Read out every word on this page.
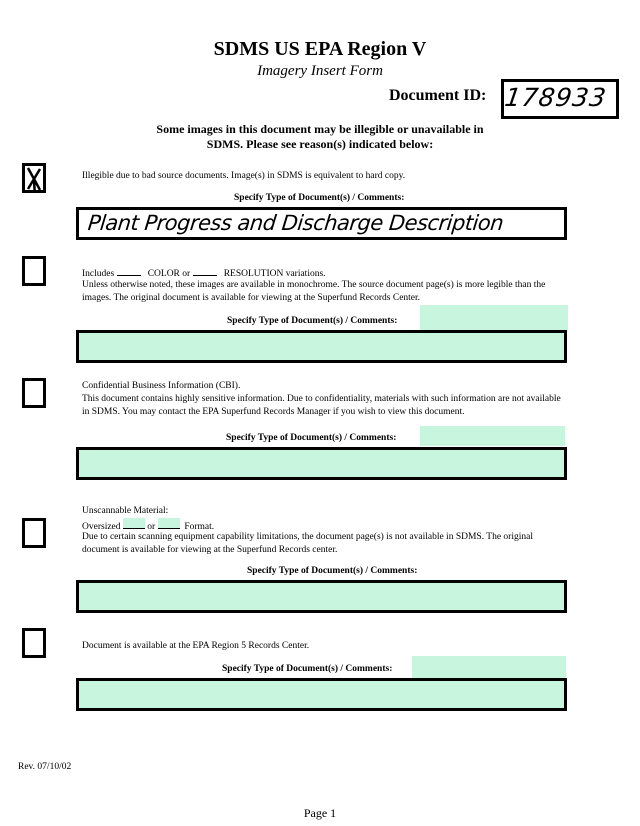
SDMS US EPA Region V
Imagery Insert Form
Document ID: 178933
Some images in this document may be illegible or unavailable in
SDMS. Please see reason(s) indicated below:
Illegible due to bad source documents. Image(s) in SDMS is equivalent to hard copy.
Specify Type of Document(s) / Comments:
Plant Progress and Discharge Description
Includes	COLOR or	RESOLUTION variations.
Unless otherwise noted, these images are available in monochrome. The source document page(s) is more legible than the
images. The original document is available for viewing at the Superfund Records Center.
Specify Type of Document(s) / Comments:
Confidential Business Information (CBI).
This document contains highly sensitive information. Due to confidentiality, materials with such information are not available
in SDMS. You may contact the EPA Superfund Records Manager if you wish to view this document.
Specify Type of Document(s) / Comments:
Unscannable Material:
Oversized	or	Format.
Due to certain scanning equipment capability limitations, the document page(s) is not available in SDMS. The original
document is available for viewing at the Superfund Records center.
Specify Type of Document(s) / Comments:
Document is available at the EPA Region 5 Records Center.
Specify Type of Document(s) / Comments:
Rev. 07/10/02
Page 1
